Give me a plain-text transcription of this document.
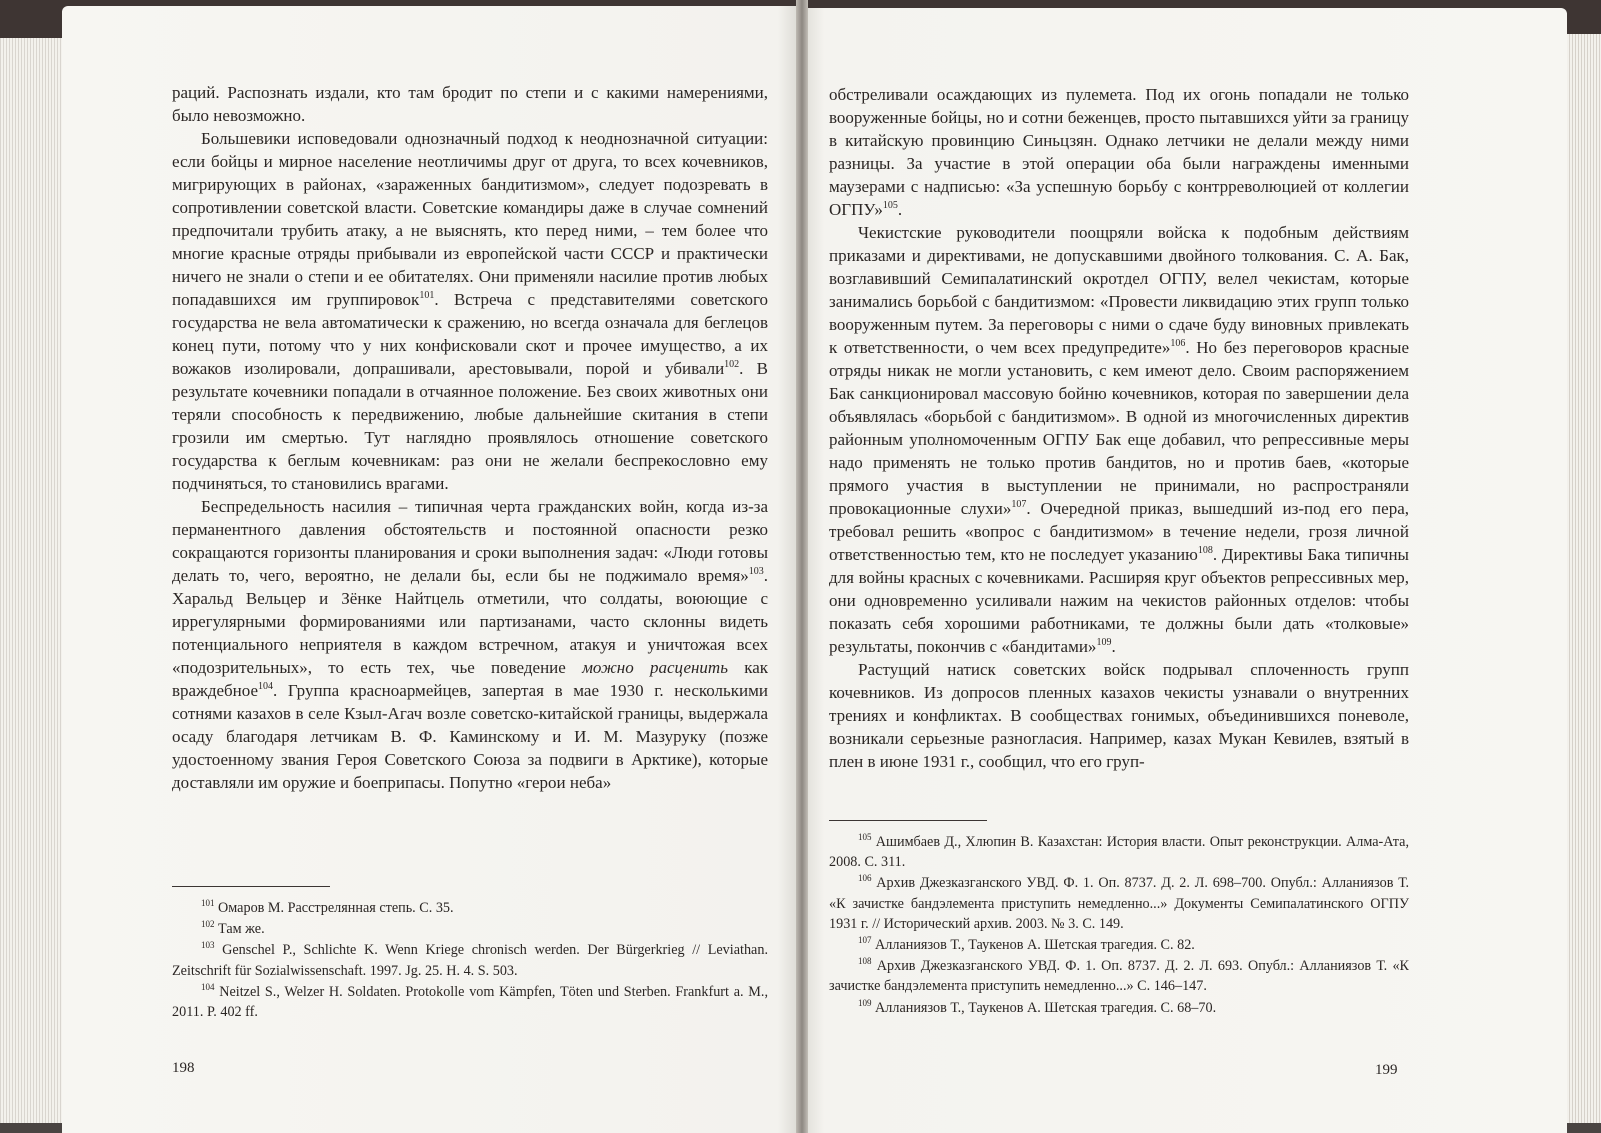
раций. Распознать издали, кто там бродит по степи и с какими намерениями, было невозможно.

Большевики исповедовали однозначный подход к неоднозначной ситуации: если бойцы и мирное население неотличимы друг от друга, то всех кочевников, мигрирующих в районах, «зараженных бандитизмом», следует подозревать в сопротивлении советской власти. Советские командиры даже в случае сомнений предпочитали трубить атаку, а не выяснять, кто перед ними, – тем более что многие красные отряды прибывали из европейской части СССР и практически ничего не знали о степи и ее обитателях. Они применяли насилие против любых попадавшихся им группировок$^{101}$. Встреча с представителями советского государства не вела автоматически к сражению, но всегда означала для беглецов конец пути, потому что у них конфисковали скот и прочее имущество, а их вожаков изолировали, допрашивали, арестовывали, порой и убивали$^{102}$. В результате кочевники попадали в отчаянное положение. Без своих животных они теряли способность к передвижению, любые дальнейшие скитания в степи грозили им смертью. Тут наглядно проявлялось отношение советского государства к беглым кочевникам: раз они не желали беспрекословно ему подчиняться, то становились врагами.

Беспредельность насилия – типичная черта гражданских войн, когда из-за перманентного давления обстоятельств и постоянной опасности резко сокращаются горизонты планирования и сроки выполнения задач: «Люди готовы делать то, чего, вероятно, не делали бы, если бы не поджимало время»$^{103}$. Харальд Вельцер и Зёнке Найтцель отметили, что солдаты, воюющие с иррегулярными формированиями или партизанами, часто склонны видеть потенциального неприятеля в каждом встречном, атакуя и уничтожая всех «подозрительных», то есть тех, чье поведение можно расценить как враждебное$^{104}$. Группа красноармейцев, запертая в мае 1930 г. несколькими сотнями казахов в селе Кзыл-Агач возле советско-китайской границы, выдержала осаду благодаря летчикам В. Ф. Каминскому и И. М. Мазуруку (позже удостоенному звания Героя Советского Союза за подвиги в Арктике), которые доставляли им оружие и боеприпасы. Попутно «герои неба»

$^{101}$ Омаров М. Расстрелянная степь. С. 35.

$^{102}$ Там же.

$^{103}$ Genschel P., Schlichte K. Wenn Kriege chronisch werden. Der Bürgerkrieg // Leviathan. Zeitschrift für Sozialwissenschaft. 1997. Jg. 25. H. 4. S. 503.

$^{104}$ Neitzel S., Welzer H. Soldaten. Protokolle vom Kämpfen, Töten und Sterben. Frankfurt a. M., 2011. P. 402 ff.

198

обстреливали осаждающих из пулемета. Под их огонь попадали не только вооруженные бойцы, но и сотни беженцев, просто пытавшихся уйти за границу в китайскую провинцию Синьцзян. Однако летчики не делали между ними разницы. За участие в этой операции оба были награждены именными маузерами с надписью: «За успешную борьбу с контрреволюцией от коллегии ОГПУ»$^{105}$.

Чекистские руководители поощряли войска к подобным действиям приказами и директивами, не допускавшими двойного толкования. С. А. Бак, возглавивший Семипалатинский окротдел ОГПУ, велел чекистам, которые занимались борьбой с бандитизмом: «Провести ликвидацию этих групп только вооруженным путем. За переговоры с ними о сдаче буду виновных привлекать к ответственности, о чем всех предупредите»$^{106}$. Но без переговоров красные отряды никак не могли установить, с кем имеют дело. Своим распоряжением Бак санкционировал массовую бойню кочевников, которая по завершении дела объявлялась «борьбой с бандитизмом». В одной из многочисленных директив районным уполномоченным ОГПУ Бак еще добавил, что репрессивные меры надо применять не только против бандитов, но и против баев, «которые прямого участия в выступлении не принимали, но распространяли провокационные слухи»$^{107}$. Очередной приказ, вышедший из-под его пера, требовал решить «вопрос с бандитизмом» в течение недели, грозя личной ответственностью тем, кто не последует указанию$^{108}$. Директивы Бака типичны для войны красных с кочевниками. Расширяя круг объектов репрессивных мер, они одновременно усиливали нажим на чекистов районных отделов: чтобы показать себя хорошими работниками, те должны были дать «толковые» результаты, покончив с «бандитами»$^{109}$.

Растущий натиск советских войск подрывал сплоченность групп кочевников. Из допросов пленных казахов чекисты узнавали о внутренних трениях и конфликтах. В сообществах гонимых, объединившихся поневоле, возникали серьезные разногласия. Например, казах Мукан Кевилев, взятый в плен в июне 1931 г., сообщил, что его груп-

$^{105}$ Ашимбаев Д., Хлюпин В. Казахстан: История власти. Опыт реконструкции. Алма-Ата, 2008. С. 311.

$^{106}$ Архив Джезказганского УВД. Ф. 1. Оп. 8737. Д. 2. Л. 698–700. Опубл.: Алланиязов Т. «К зачистке бандэлемента приступить немедленно...» Документы Семипалатинского ОГПУ 1931 г. // Исторический архив. 2003. № 3. С. 149.

$^{107}$ Алланиязов Т., Таукенов А. Шетская трагедия. С. 82.

$^{108}$ Архив Джезказганского УВД. Ф. 1. Оп. 8737. Д. 2. Л. 693. Опубл.: Алланиязов Т. «К зачистке бандэлемента приступить немедленно...» С. 146–147.

$^{109}$ Алланиязов Т., Таукенов А. Шетская трагедия. С. 68–70.

199
